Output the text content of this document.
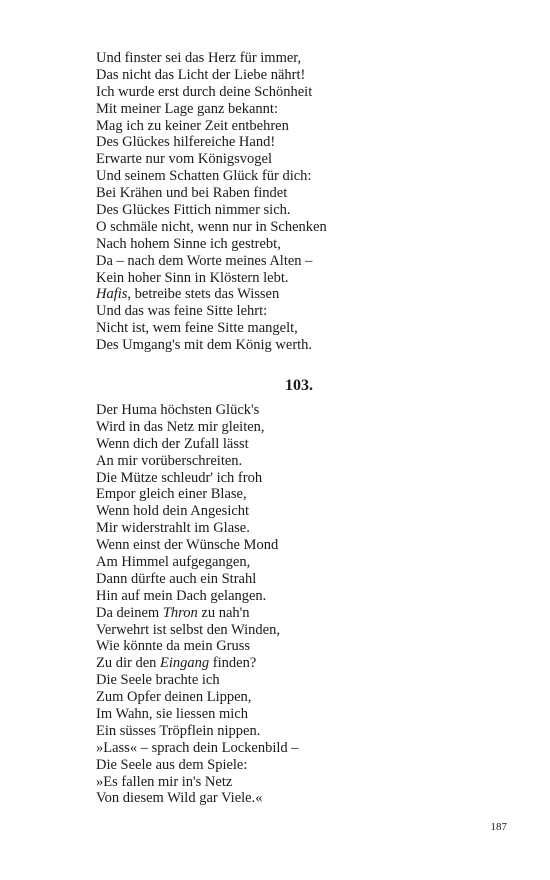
Und finster sei das Herz für immer,
Das nicht das Licht der Liebe nährt!
Ich wurde erst durch deine Schönheit
Mit meiner Lage ganz bekannt:
Mag ich zu keiner Zeit entbehren
Des Glückes hilfereiche Hand!
Erwarte nur vom Königsvogel
Und seinem Schatten Glück für dich:
Bei Krähen und bei Raben findet
Des Glückes Fittich nimmer sich.
O schmäle nicht, wenn nur in Schenken
Nach hohem Sinne ich gestrebt,
Da – nach dem Worte meines Alten –
Kein hoher Sinn in Klöstern lebt.
Hafis, betreibe stets das Wissen
Und das was feine Sitte lehrt:
Nicht ist, wem feine Sitte mangelt,
Des Umgang's mit dem König werth.
103.
Der Huma höchsten Glück's
Wird in das Netz mir gleiten,
Wenn dich der Zufall lässt
An mir vorüberschreiten.
Die Mütze schleudr' ich froh
Empor gleich einer Blase,
Wenn hold dein Angesicht
Mir widerstrahlt im Glase.
Wenn einst der Wünsche Mond
Am Himmel aufgegangen,
Dann dürfte auch ein Strahl
Hin auf mein Dach gelangen.
Da deinem Thron zu nah'n
Verwehrt ist selbst den Winden,
Wie könnte da mein Gruss
Zu dir den Eingang finden?
Die Seele brachte ich
Zum Opfer deinen Lippen,
Im Wahn, sie liessen mich
Ein süsses Tröpflein nippen.
»Lass« – sprach dein Lockenbild –
Die Seele aus dem Spiele:
»Es fallen mir in's Netz
Von diesem Wild gar Viele.«
187
